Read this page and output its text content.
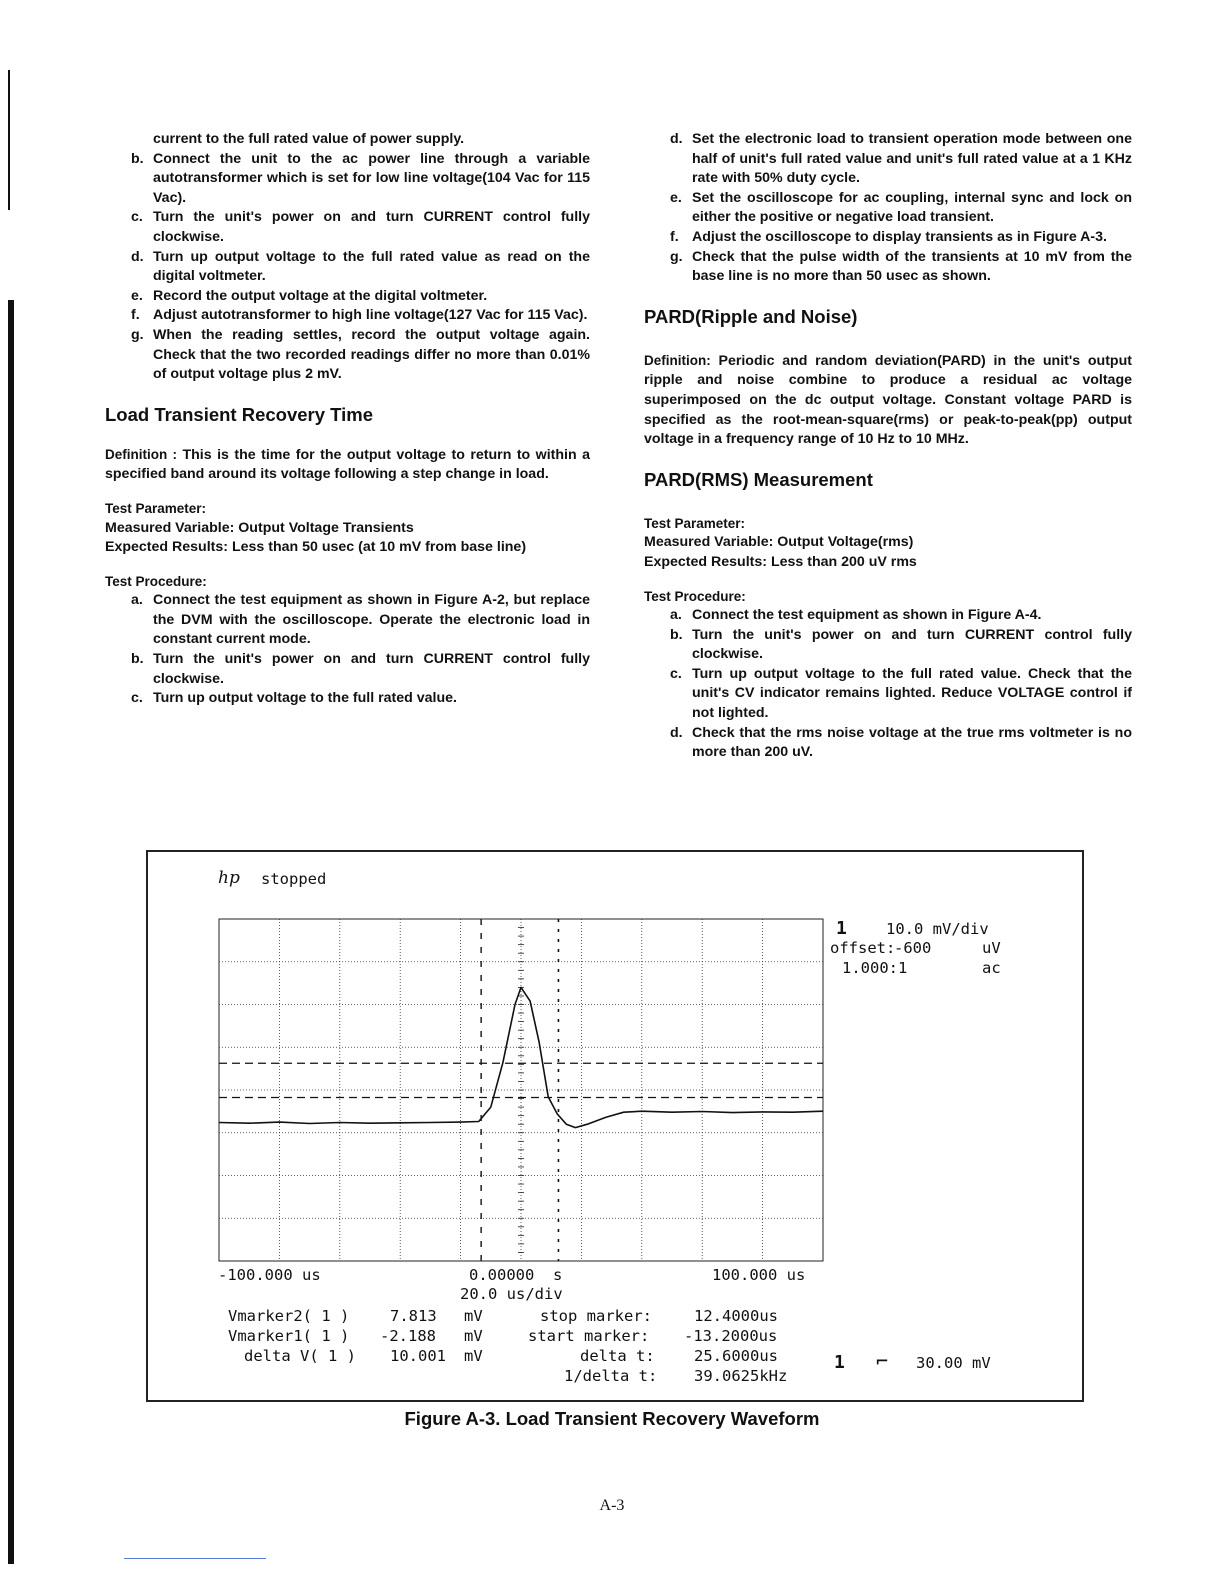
current to the full rated value of power supply.

b. Connect the unit to the ac power line through a variable autotransformer which is set for low line voltage(104 Vac for 115 Vac).

c. Turn the unit's power on and turn CURRENT control fully clockwise.

d. Turn up output voltage to the full rated value as read on the digital voltmeter.

e. Record the output voltage at the digital voltmeter.

f. Adjust autotransformer to high line voltage(127 Vac for 115 Vac).

g. When the reading settles, record the output voltage again. Check that the two recorded readings differ no more than 0.01% of output voltage plus 2 mV.

Load Transient Recovery Time

Definition : This is the time for the output voltage to return to within a specified band around its voltage following a step change in load.

Test Parameter:

Measured Variable: Output Voltage Transients

Expected Results: Less than 50 usec (at 10 mV from base line)

Test Procedure:

a. Connect the test equipment as shown in Figure A-2, but replace the DVM with the oscilloscope. Operate the electronic load in constant current mode.

b. Turn the unit's power on and turn CURRENT control fully clockwise.

c. Turn up output voltage to the full rated value.

d. Set the electronic load to transient operation mode between one half of unit's full rated value and unit's full rated value at a 1 KHz rate with 50% duty cycle.

e. Set the oscilloscope for ac coupling, internal sync and lock on either the positive or negative load transient.

f. Adjust the oscilloscope to display transients as in Figure A-3.

g. Check that the pulse width of the transients at 10 mV from the base line is no more than 50 usec as shown.

PARD(Ripple and Noise)

Definition: Periodic and random deviation(PARD) in the unit's output ripple and noise combine to produce a residual ac voltage superimposed on the dc output voltage. Constant voltage PARD is specified as the root-mean-square(rms) or peak-to-peak(pp) output voltage in a frequency range of 10 Hz to 10 MHz.

PARD(RMS) Measurement

Test Parameter:

Measured Variable: Output Voltage(rms)

Expected Results: Less than 200 uV rms

Test Procedure:

a. Connect the test equipment as shown in Figure A-4.

b. Turn the unit's power on and turn CURRENT control fully clockwise.

c. Turn up output voltage to the full rated value. Check that the unit's CV indicator remains lighted. Reduce VOLTAGE control if not lighted.

d. Check that the rms noise voltage at the true rms voltmeter is no more than 200 uV.

hp stopped
1	10.0 mV/div
offset:
-600	uV
1.000:1	ac
-100.000 us	0.00000  s	100.000 us
20.0 us/div
Vmarker2( 1 )	7.813 mV
Vmarker1( 1 ) -2.188 mV
delta V( 1 ) 10.001 mV
stop marker:	12.4000us
start marker: -13.2000us
delta t:	25.6000us
1/delta t: 39.0625kHz
1 ⌐ 30.00 mV
Figure A-3. Load Transient Recovery Waveform
A-3
